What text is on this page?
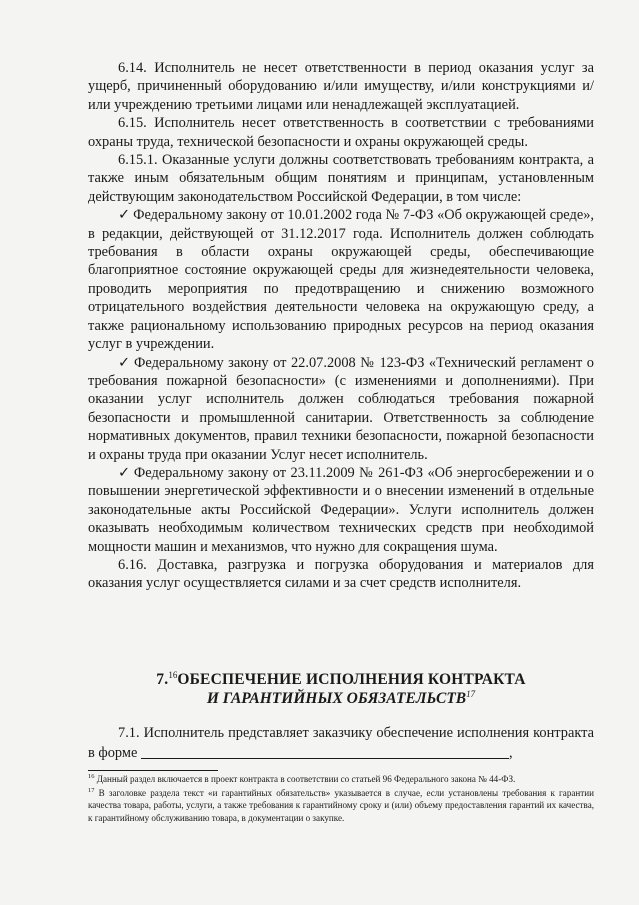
6.14. Исполнитель не несет ответственности в период оказания услуг за ущерб, причиненный оборудованию и/или имуществу, и/или конструкциями и/или учреждению третьими лицами или ненадлежащей эксплуатацией.

6.15. Исполнитель несет ответственность в соответствии с требованиями охраны труда, технической безопасности и охраны окружающей среды.

6.15.1. Оказанные услуги должны соответствовать требованиям контракта, а также иным обязательным общим понятиям и принципам, установленным действующим законодательством Российской Федерации, в том числе:

✓ Федеральному закону от 10.01.2002 года № 7-ФЗ «Об окружающей среде», в редакции, действующей от 31.12.2017 года. Исполнитель должен соблюдать требования в области охраны окружающей среды, обеспечивающие благоприятное состояние окружающей среды для жизнедеятельности человека, проводить мероприятия по предотвращению и снижению возможного отрицательного воздействия деятельности человека на окружающую среду, а также рациональному использованию природных ресурсов на период оказания услуг в учреждении.

✓ Федеральному закону от 22.07.2008 № 123-ФЗ «Технический регламент о требования пожарной безопасности» (с изменениями и дополнениями). При оказании услуг исполнитель должен соблюдаться требования пожарной безопасности и промышленной санитарии. Ответственность за соблюдение нормативных документов, правил техники безопасности, пожарной безопасности и охраны труда при оказании Услуг несет исполнитель.

✓ Федеральному закону от 23.11.2009 № 261-ФЗ «Об энергосбережении и о повышении энергетической эффективности и о внесении изменений в отдельные законодательные акты Российской Федерации». Услуги исполнитель должен оказывать необходимым количеством технических средств при необходимой мощности машин и механизмов, что нужно для сокращения шума.

6.16. Доставка, разгрузка и погрузка оборудования и материалов для оказания услуг осуществляется силами и за счет средств исполнителя.

7.16ОБЕСПЕЧЕНИЕ ИСПОЛНЕНИЯ КОНТРАКТА
И ГАРАНТИЙНЫХ ОБЯЗАТЕЛЬСТВ$^{17}$

7.1. Исполнитель представляет заказчику обеспечение исполнения контракта в форме	,

$^{16}$ Данный раздел включается в проект контракта в соответствии со статьей 96 Федерального закона № 44-ФЗ.

$^{17}$ В заголовке раздела текст «и гарантийных обязательств» указывается в случае, если установлены требования к гарантии качества товара, работы, услуги, а также требования к гарантийному сроку и (или) объему предоставления гарантий их качества, к гарантийному обслуживанию товара, в документации о закупке.
